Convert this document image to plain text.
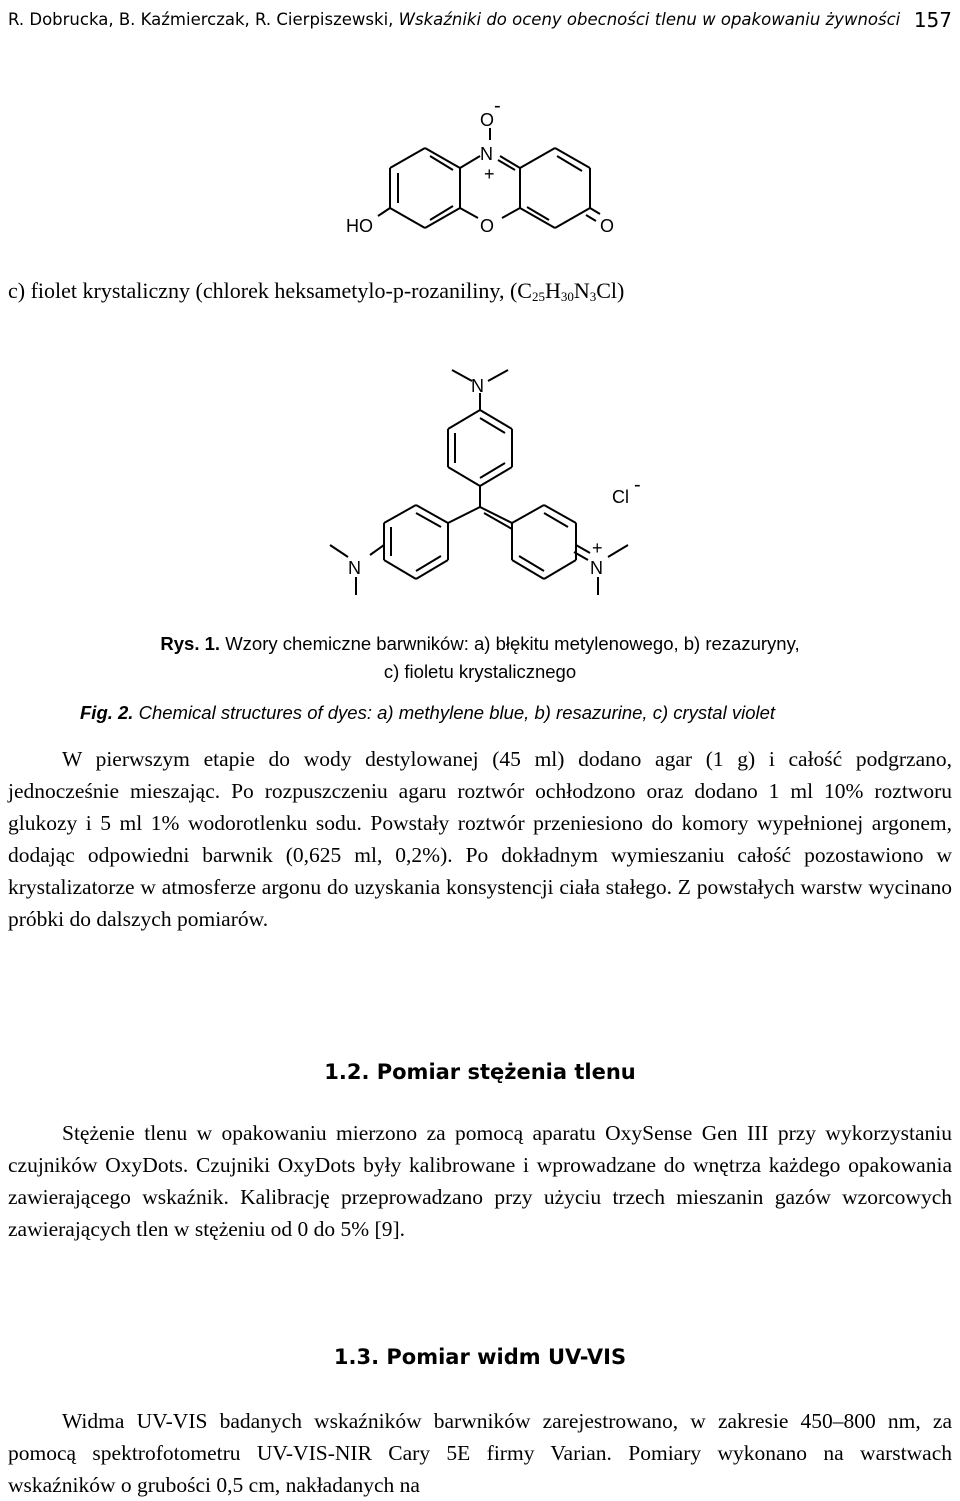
R. Dobrucka, B. Kaźmierczak, R. Cierpiszewski, Wskaźniki do oceny obecności tlenu w opakowaniu żywności 157
O
-
N
+
HO	O	O
c) fiolet krystaliczny (chlorek heksametylo-p-rozaniliny, $(C_{25}H_{30}N_3Cl)$
N
Cl
-
N	N
+
Rys. 1. Wzory chemiczne barwników: a) błękitu metylenowego, b) rezazuryny,
c) fioletu krystalicznego
Fig. 2. Chemical structures of dyes: a) methylene blue, b) resazurine, c) crystal violet

W pierwszym etapie do wody destylowanej (45 ml) dodano agar (1 g) i całość podgrzano, jednocześnie mieszając. Po rozpuszczeniu agaru roztwór ochłodzono oraz dodano 1 ml 10% roztworu glukozy i 5 ml 1% wodorotlenku sodu. Powstały roztwór przeniesiono do komory wypełnionej argonem, dodając odpowiedni barwnik (0,625 ml, 0,2%). Po dokładnym wymieszaniu całość pozostawiono w krystalizatorze w atmosferze argonu do uzyskania konsystencji ciała stałego. Z powstałych warstw wycinano próbki do dalszych pomiarów.

1.2. Pomiar stężenia tlenu

Stężenie tlenu w opakowaniu mierzono za pomocą aparatu OxySense Gen III przy wykorzystaniu czujników OxyDots. Czujniki OxyDots były kalibrowane i wprowadzane do wnętrza każdego opakowania zawierającego wskaźnik. Kalibrację przeprowadzano przy użyciu trzech mieszanin gazów wzorcowych zawierających tlen w stężeniu od 0 do 5% [9].

1.3. Pomiar widm UV-VIS

Widma UV-VIS badanych wskaźników barwników zarejestrowano, w zakresie 450–800 nm, za pomocą spektrofotometru UV-VIS-NIR Cary 5E firmy Varian. Pomiary wykonano na warstwach wskaźników o grubości 0,5 cm, nakładanych na
